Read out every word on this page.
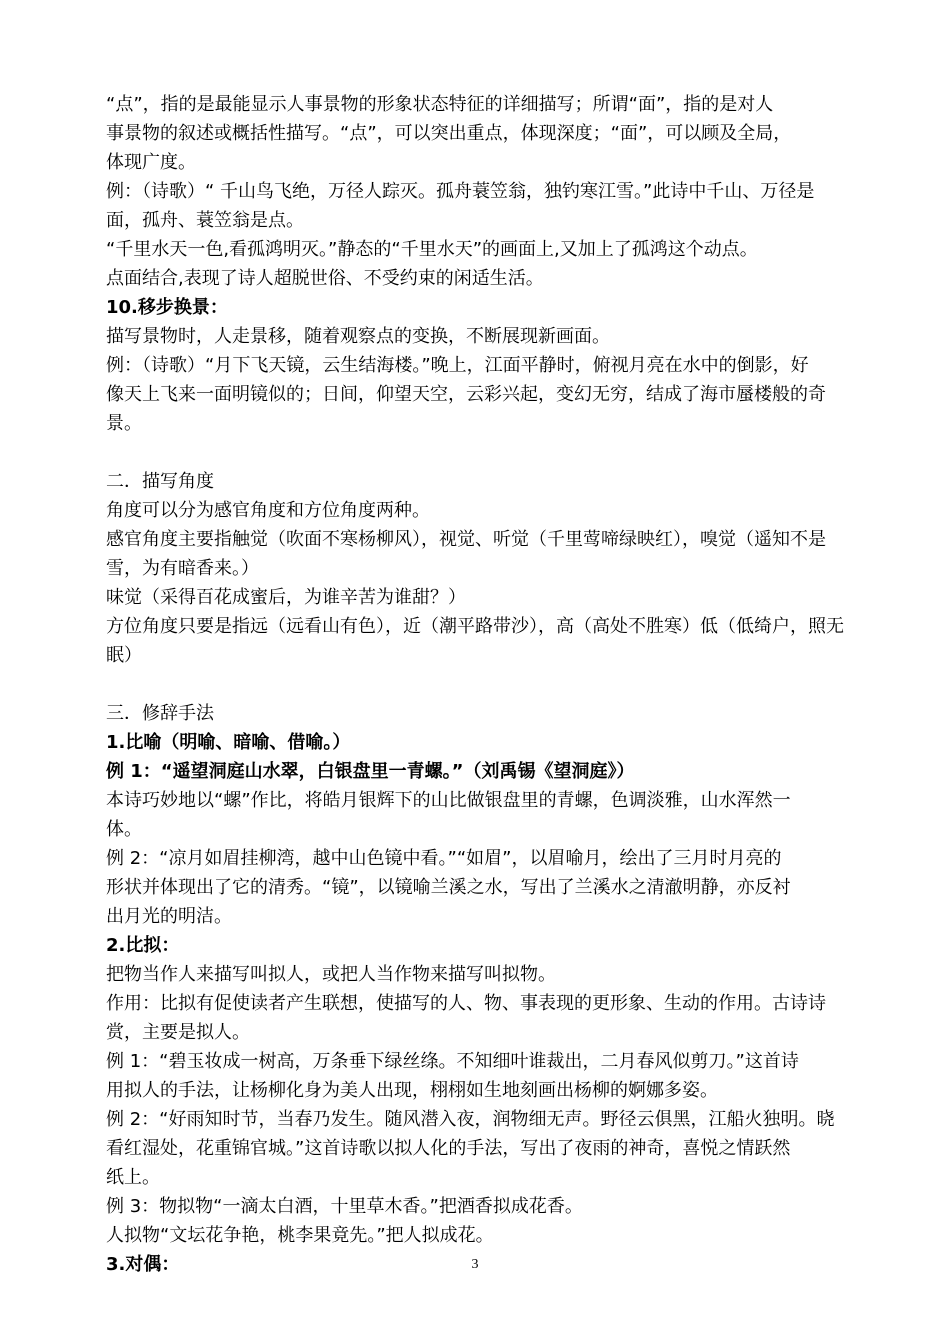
“点”，指的是最能显示人事景物的形象状态特征的详细描写；所谓“面”，指的是对人
事景物的叙述或概括性描写。“点”，可以突出重点，体现深度；“面”，可以顾及全局，
体现广度。
例：（诗歌）“ 千山鸟飞绝，万径人踪灭。孤舟蓑笠翁，独钓寒江雪。”此诗中千山、万径是
面，孤舟、蓑笠翁是点。
“千里水天一色,看孤鸿明灭。”静态的“千里水天”的画面上,又加上了孤鸿这个动点。
点面结合,表现了诗人超脱世俗、不受约束的闲适生活。
10.移步换景：
描写景物时，人走景移，随着观察点的变换，不断展现新画面。
例：（诗歌）“月下飞天镜，云生结海楼。”晚上，江面平静时，俯视月亮在水中的倒影，好
像天上飞来一面明镜似的；日间，仰望天空，云彩兴起，变幻无穷，结成了海市蜃楼般的奇
景。
二．描写角度
角度可以分为感官角度和方位角度两种。
感官角度主要指触觉（吹面不寒杨柳风），视觉、听觉（千里莺啼绿映红），嗅觉（遥知不是
雪，为有暗香来。）
味觉（采得百花成蜜后，为谁辛苦为谁甜？）
方位角度只要是指远（远看山有色），近（潮平路带沙），高（高处不胜寒）低（低绮户，照无
眠）
三．修辞手法
1.比喻（明喻、暗喻、借喻。）
例 1：“遥望洞庭山水翠，白银盘里一青螺。”（刘禹锡《望洞庭》）
本诗巧妙地以“螺”作比，将皓月银辉下的山比做银盘里的青螺，色调淡雅，山水浑然一
体。
例 2：“凉月如眉挂柳湾，越中山色镜中看。”“如眉”，以眉喻月，绘出了三月时月亮的
形状并体现出了它的清秀。“镜”，以镜喻兰溪之水，写出了兰溪水之清澈明静，亦反衬
出月光的明洁。
2.比拟：
把物当作人来描写叫拟人，或把人当作物来描写叫拟物。
作用：比拟有促使读者产生联想，使描写的人、物、事表现的更形象、生动的作用。古诗诗
赏，主要是拟人。
例 1：“碧玉妆成一树高，万条垂下绿丝绦。不知细叶谁裁出，二月春风似剪刀。”这首诗
用拟人的手法，让杨柳化身为美人出现，栩栩如生地刻画出杨柳的婀娜多姿。
例 2：“好雨知时节，当春乃发生。随风潜入夜，润物细无声。野径云俱黑，江船火独明。晓
看红湿处，花重锦官城。”这首诗歌以拟人化的手法，写出了夜雨的神奇，喜悦之情跃然
纸上。
例 3：物拟物“一滴太白酒，十里草木香。”把酒香拟成花香。
人拟物“文坛花争艳，桃李果竟先。”把人拟成花。
3.对偶：	3
